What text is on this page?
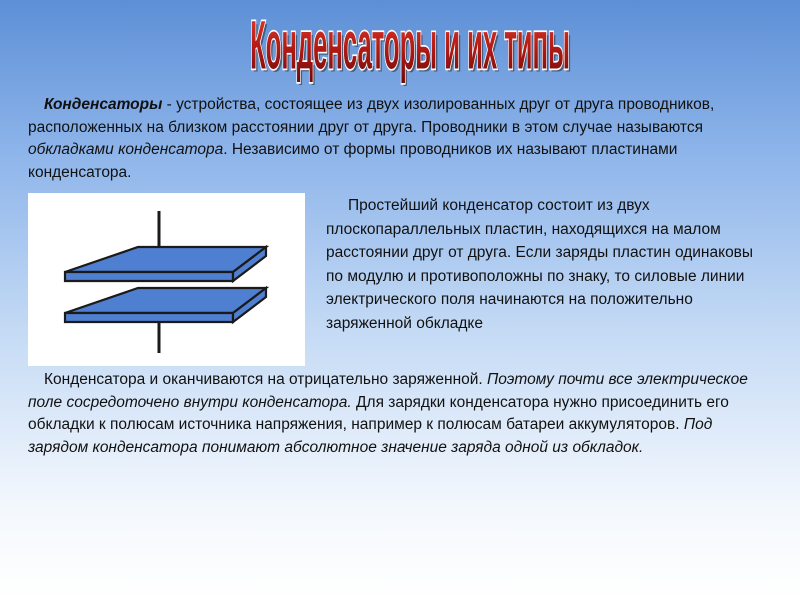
Конденсаторы и их типы
Конденсаторы и их типы

Конденсаторы - устройства, состоящее из двух изолированных друг от друга проводников, расположенных на близком расстоянии друг от друга. Проводники в этом случае называются обкладками конденсатора. Независимо от формы проводников их называют пластинами конденсатора.

Простейший конденсатор состоит из двух плоскопараллельных пластин, находящихся на малом расстоянии друг от друга. Если заряды пластин одинаковы по модулю и противоположны по знаку, то силовые линии электрического поля начинаются на положительно заряженной обкладке

Конденсатора и оканчиваются на отрицательно заряженной. Поэтому почти все электрическое поле сосредоточено внутри конденсатора. Для зарядки конденсатора нужно присоединить его обкладки к полюсам источника напряжения, например к полюсам батареи аккумуляторов. Под зарядом конденсатора понимают абсолютное значение заряда одной из обкладок.
